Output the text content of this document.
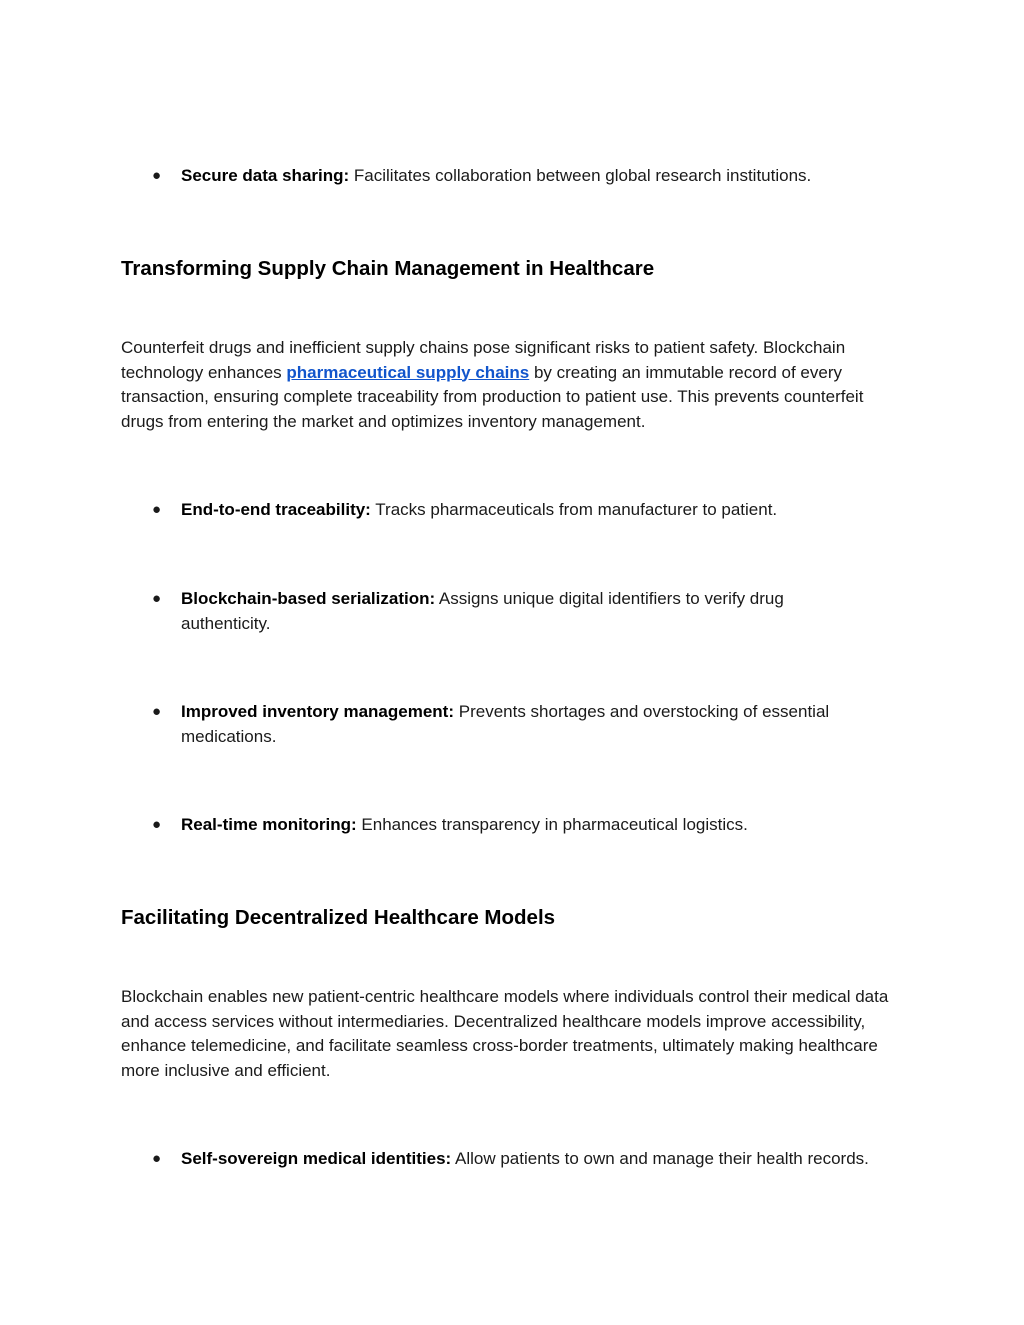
● Secure data sharing: Facilitates collaboration between global research institutions.

Transforming Supply Chain Management in Healthcare

Counterfeit drugs and inefficient supply chains pose significant risks to patient safety. Blockchain technology enhances pharmaceutical supply chains by creating an immutable record of every transaction, ensuring complete traceability from production to patient use. This prevents counterfeit drugs from entering the market and optimizes inventory management.

● End-to-end traceability: Tracks pharmaceuticals from manufacturer to patient.

● Blockchain-based serialization: Assigns unique digital identifiers to verify drug authenticity.

● Improved inventory management: Prevents shortages and overstocking of essential medications.

● Real-time monitoring: Enhances transparency in pharmaceutical logistics.

Facilitating Decentralized Healthcare Models

Blockchain enables new patient-centric healthcare models where individuals control their medical data and access services without intermediaries. Decentralized healthcare models improve accessibility, enhance telemedicine, and facilitate seamless cross-border treatments, ultimately making healthcare more inclusive and efficient.

● Self-sovereign medical identities: Allow patients to own and manage their health records.
